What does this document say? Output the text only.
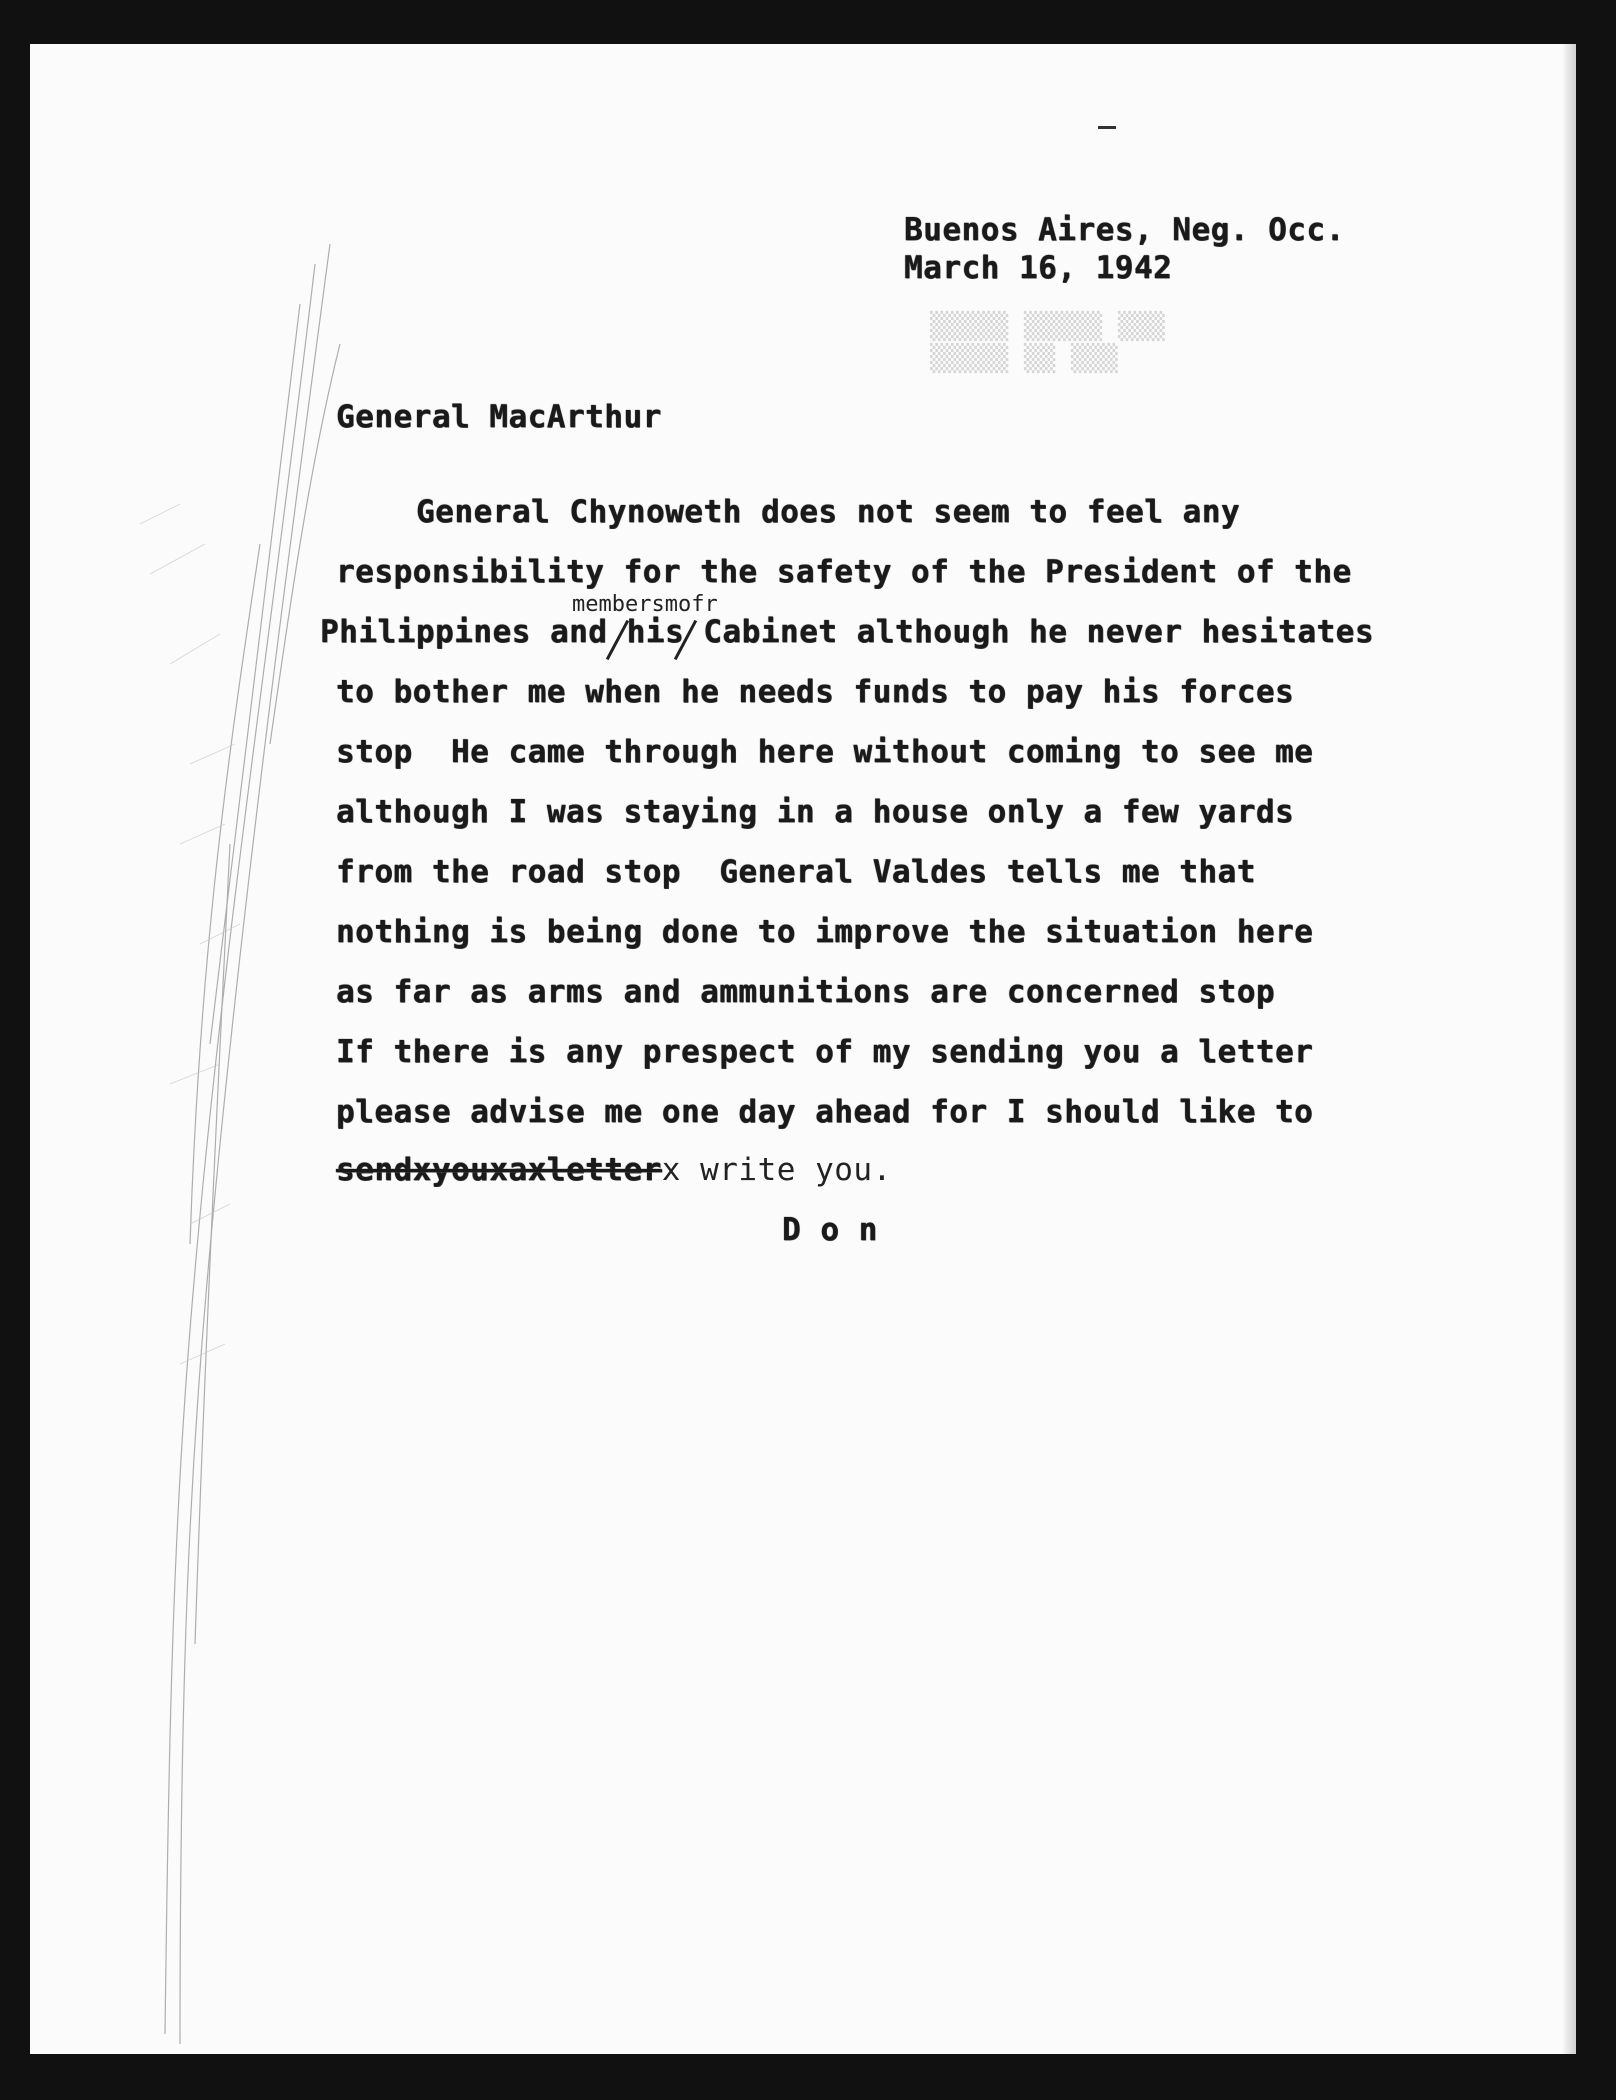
▒▒▒▒▒ ▒▒▒▒▒ ▒▒▒
▒▒▒▒▒ ▒▒ ▒▒▒
Buenos Aires, Neg. Occ.
March 16, 1942
General MacArthur
General Chynoweth does not seem to feel any
responsibility for the safety of the President of the
membersmofr
Philippines and his Cabinet although he never hesitates
to bother me when he needs funds to pay his forces
stop  He came through here without coming to see me
although I was staying in a house only a few yards
from the road stop  General Valdes tells me that
nothing is being done to improve the situation here
as far as arms and ammunitions are concerned stop
If there is any prespect of my sending you a letter
please advise me one day ahead for I should like to
sendxyouxaxletterx write you.
D o n
